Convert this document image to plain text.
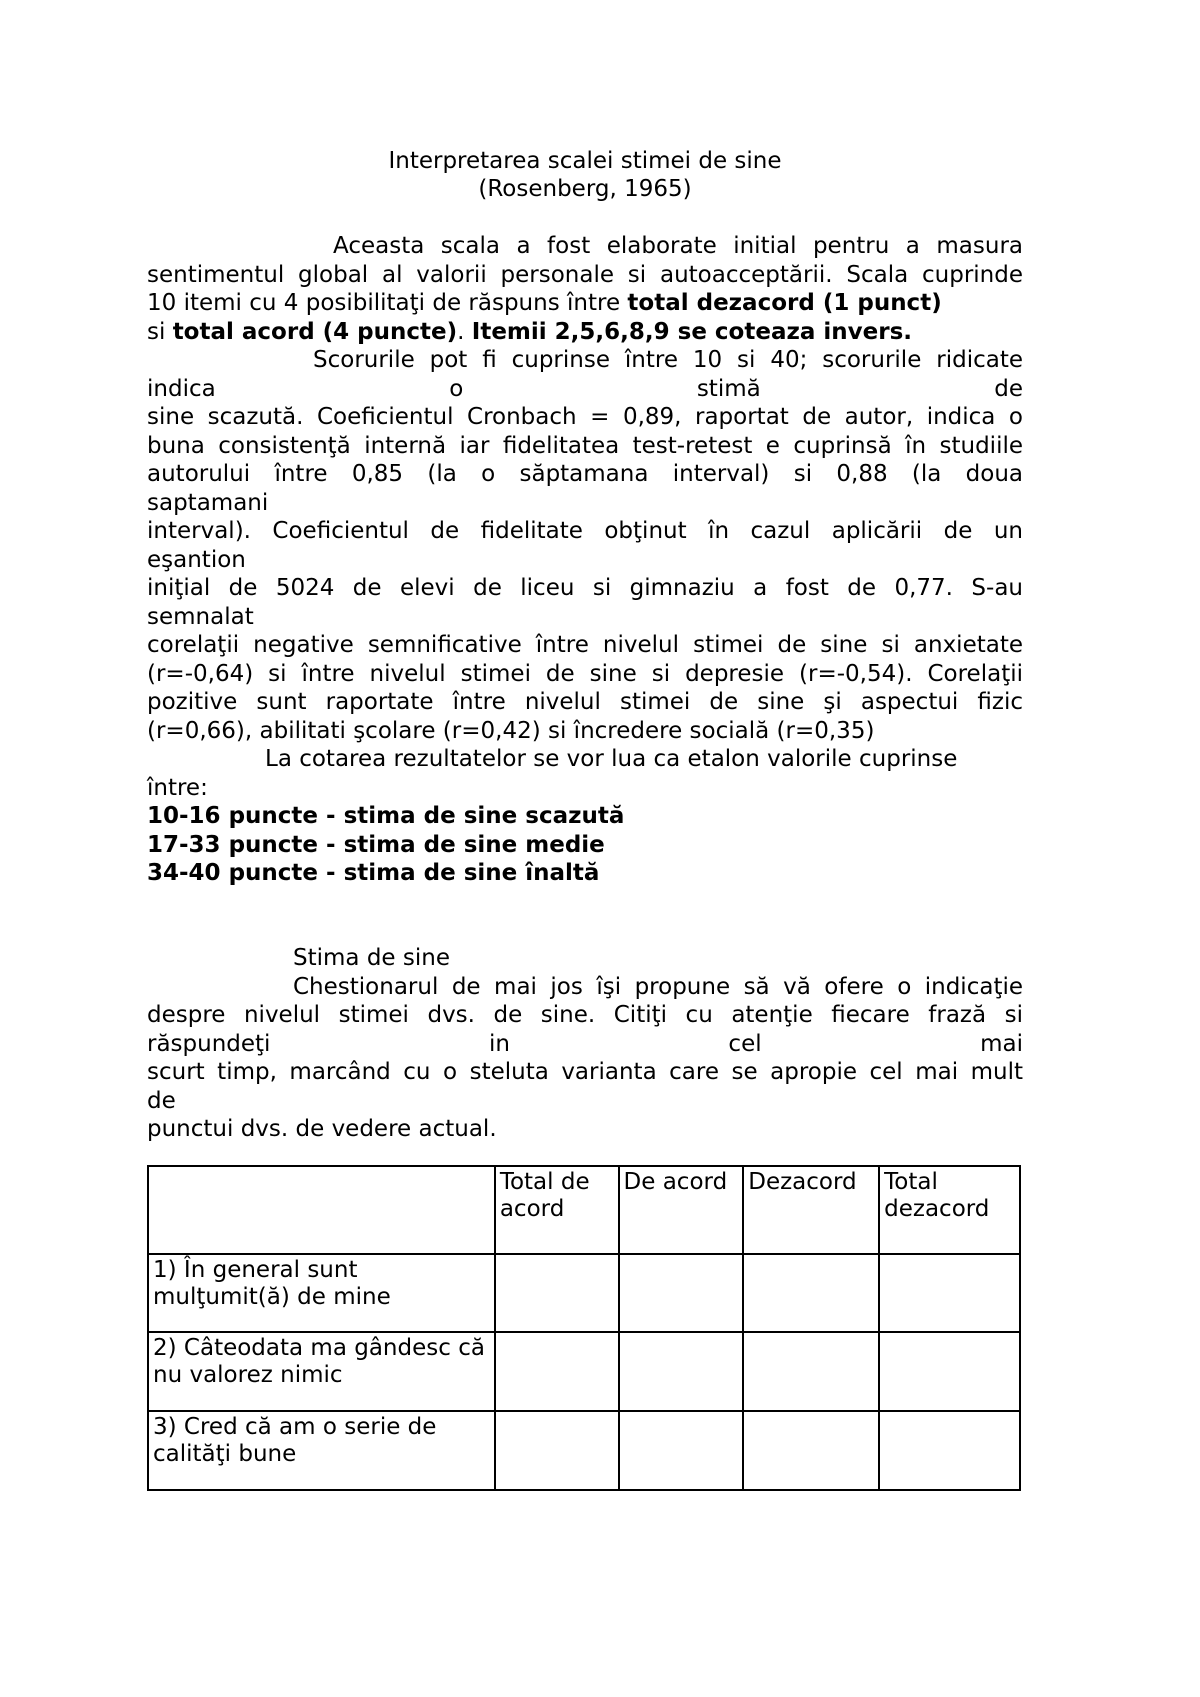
Interpretarea scalei stimei de sine
(Rosenberg, 1965)
Aceasta scala a fost elaborate initial pentru a masura
sentimentul global al valorii personale si autoacceptării. Scala cuprinde
10 itemi cu 4 posibilitaţi de răspuns între total dezacord (1 punct)
si total acord (4 puncte). Itemii 2,5,6,8,9 se coteaza invers.
Scorurile pot fi cuprinse între 10 si 40; scorurile ridicate
indica o stimă de
sine scazută. Coeficientul Cronbach = 0,89, raportat de autor, indica o
buna consistenţă internă iar fidelitatea test-retest e cuprinsă în studiile
autorului între 0,85 (la o săptamana interval) si 0,88 (la doua
saptamani
interval). Coeficientul de fidelitate obţinut în cazul aplicării de un
eşantion
iniţial de 5024 de elevi de liceu si gimnaziu a fost de 0,77. S-au
semnalat
corelaţii negative semnificative între nivelul stimei de sine si anxietate
(r=-0,64) si între nivelul stimei de sine si depresie (r=-0,54). Corelaţii
pozitive sunt raportate între nivelul stimei de sine şi aspectui fizic
(r=0,66), abilitati şcolare (r=0,42) si încredere socială (r=0,35)
La cotarea rezultatelor se vor lua ca etalon valorile cuprinse
între:
10-16 puncte - stima de sine scazută
17-33 puncte - stima de sine medie
34-40 puncte - stima de sine înaltă
Stima de sine
Chestionarul de mai jos îşi propune să vă ofere o indicaţie
despre nivelul stimei dvs. de sine. Citiţi cu atenţie fiecare frază si
răspundeţi in cel mai
scurt timp, marcând cu o steluta varianta care se apropie cel mai mult
de
punctui dvs. de vedere actual.
	Total de acord	De acord	Dezacord	Total dezacord
1) În general sunt mulţumit(ă) de mine				
2) Câteodata ma gândesc că nu valorez nimic				
3) Cred că am o serie de calităţi bune				
